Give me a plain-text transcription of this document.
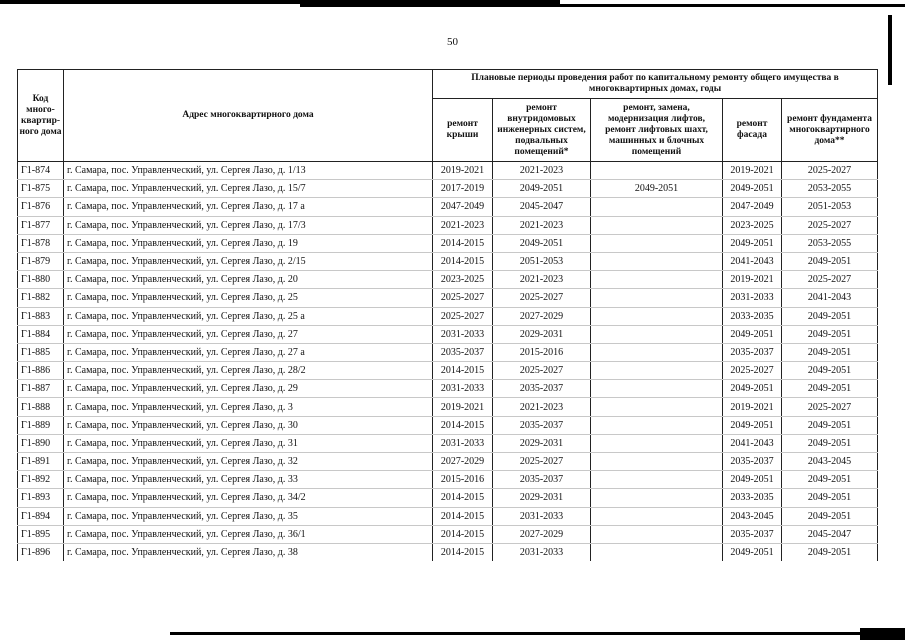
50
Код много-квартир-ного дома	Адрес многоквартирного дома	Плановые периоды проведения работ по капитальному ремонту общего имущества в многоквартирных домах, годы				
		ремонт крыши	ремонт внутридомовых инженерных систем, подвальных помещений*	ремонт, замена, модернизация лифтов, ремонт лифтовых шахт, машинных и блочных помещений	ремонт фасада	ремонт фундамента многоквартирного дома**
Г1-874	г. Самара, пос. Управленческий, ул. Сергея Лазо, д. 1/13	2019-2021	2021-2023		2019-2021	2025-2027
Г1-875	г. Самара, пос. Управленческий, ул. Сергея Лазо, д. 15/7	2017-2019	2049-2051	2049-2051	2049-2051	2053-2055
Г1-876	г. Самара, пос. Управленческий, ул. Сергея Лазо, д. 17 а	2047-2049	2045-2047		2047-2049	2051-2053
Г1-877	г. Самара, пос. Управленческий, ул. Сергея Лазо, д. 17/3	2021-2023	2021-2023		2023-2025	2025-2027
Г1-878	г. Самара, пос. Управленческий, ул. Сергея Лазо, д. 19	2014-2015	2049-2051		2049-2051	2053-2055
Г1-879	г. Самара, пос. Управленческий, ул. Сергея Лазо, д. 2/15	2014-2015	2051-2053		2041-2043	2049-2051
Г1-880	г. Самара, пос. Управленческий, ул. Сергея Лазо, д. 20	2023-2025	2021-2023		2019-2021	2025-2027
Г1-882	г. Самара, пос. Управленческий, ул. Сергея Лазо, д. 25	2025-2027	2025-2027		2031-2033	2041-2043
Г1-883	г. Самара, пос. Управленческий, ул. Сергея Лазо, д. 25 а	2025-2027	2027-2029		2033-2035	2049-2051
Г1-884	г. Самара, пос. Управленческий, ул. Сергея Лазо, д. 27	2031-2033	2029-2031		2049-2051	2049-2051
Г1-885	г. Самара, пос. Управленческий, ул. Сергея Лазо, д. 27 а	2035-2037	2015-2016		2035-2037	2049-2051
Г1-886	г. Самара, пос. Управленческий, ул. Сергея Лазо, д. 28/2	2014-2015	2025-2027		2025-2027	2049-2051
Г1-887	г. Самара, пос. Управленческий, ул. Сергея Лазо, д. 29	2031-2033	2035-2037		2049-2051	2049-2051
Г1-888	г. Самара, пос. Управленческий, ул. Сергея Лазо, д. 3	2019-2021	2021-2023		2019-2021	2025-2027
Г1-889	г. Самара, пос. Управленческий, ул. Сергея Лазо, д. 30	2014-2015	2035-2037		2049-2051	2049-2051
Г1-890	г. Самара, пос. Управленческий, ул. Сергея Лазо, д. 31	2031-2033	2029-2031		2041-2043	2049-2051
Г1-891	г. Самара, пос. Управленческий, ул. Сергея Лазо, д. 32	2027-2029	2025-2027		2035-2037	2043-2045
Г1-892	г. Самара, пос. Управленческий, ул. Сергея Лазо, д. 33	2015-2016	2035-2037		2049-2051	2049-2051
Г1-893	г. Самара, пос. Управленческий, ул. Сергея Лазо, д. 34/2	2014-2015	2029-2031		2033-2035	2049-2051
Г1-894	г. Самара, пос. Управленческий, ул. Сергея Лазо, д. 35	2014-2015	2031-2033		2043-2045	2049-2051
Г1-895	г. Самара, пос. Управленческий, ул. Сергея Лазо, д. 36/1	2014-2015	2027-2029		2035-2037	2045-2047
Г1-896	г. Самара, пос. Управленческий, ул. Сергея Лазо, д. 38	2014-2015	2031-2033		2049-2051	2049-2051
